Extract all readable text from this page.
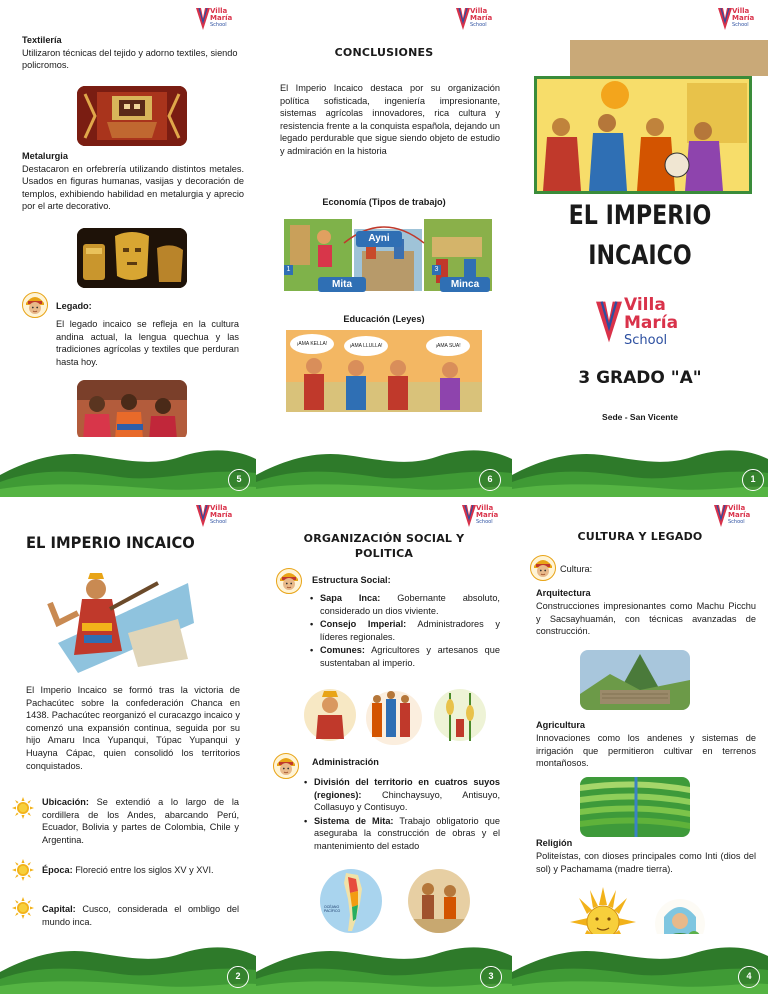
Villa
María
School
Textilería
Utilizaron técnicas del tejido y adorno textiles, siendo policromos.
Metalurgia
Destacaron en orfebrería utilizando distintos metales. Usados en figuras humanas, vasijas y decoración de templos, exhibiendo habilidad en metalurgia y aprecio por el arte decorativo.
Legado:
El legado incaico se refleja en la cultura andina actual, la lengua quechua y las tradiciones agrícolas y textiles que perduran hasta hoy.
5
Villa
María
School
CONCLUSIONES
El Imperio Incaico destaca por su organización política sofisticada, ingeniería impresionante, sistemas agrícolas innovadores, rica cultura y resistencia frente a la conquista española, dejando un legado perdurable que sigue siendo objeto de estudio y admiración en la historia
Economía (Tipos de trabajo)
Ayni
Mita	Minca
1	3
Educación (Leyes)
¡AMA KELLA!	¡AMA LLULLA!	¡AMA SUA!
6
Villa
María
School
EL IMPERIO
INCAICO
Villa
María
School
3 GRADO "A"
Sede - San Vicente
1
Villa
María
School
EL IMPERIO INCAICO
El Imperio Incaico se formó tras la victoria de Pachacútec sobre la confederación Chanca en 1438. Pachacútec reorganizó el curacazgo incaico y comenzó una expansión continua, seguida por su hijo Amaru Inca Yupanqui, Túpac Yupanqui y Huayna Cápac, quien consolidó los territorios conquistados.
Ubicación: Se extendió a lo largo de la cordillera de los Andes, abarcando Perú, Ecuador, Bolivia y partes de Colombia, Chile y Argentina.
Época: Floreció entre los siglos XV y XVI.
Capital: Cusco, considerada el ombligo del mundo inca.
2
Villa
María
School
ORGANIZACIÓN SOCIAL Y POLITICA
Estructura Social:
• Sapa Inca: Gobernante absoluto, considerado un dios viviente.
• Consejo Imperial: Administradores y líderes regionales.
• Comunes: Agricultores y artesanos que sustentaban al imperio.
Administración
• División del territorio en cuatros suyos (regiones): Chinchaysuyo, Antisuyo, Collasuyo y Contisuyo.
• Sistema de Mita: Trabajo obligatorio que aseguraba la construcción de obras y el mantenimiento del estado
OCÉANO PACÍFICO
3
Villa
María
School
CULTURA Y LEGADO
Cultura:
Arquitectura
Construcciones impresionantes como Machu Picchu y Sacsayhuamán, con técnicas avanzadas de construcción.
Agricultura
Innovaciones como los andenes y sistemas de irrigación que permitieron cultivar en terrenos montañosos.
Religión
Politeístas, con dioses principales como Inti (dios del sol) y Pachamama (madre tierra).
4
